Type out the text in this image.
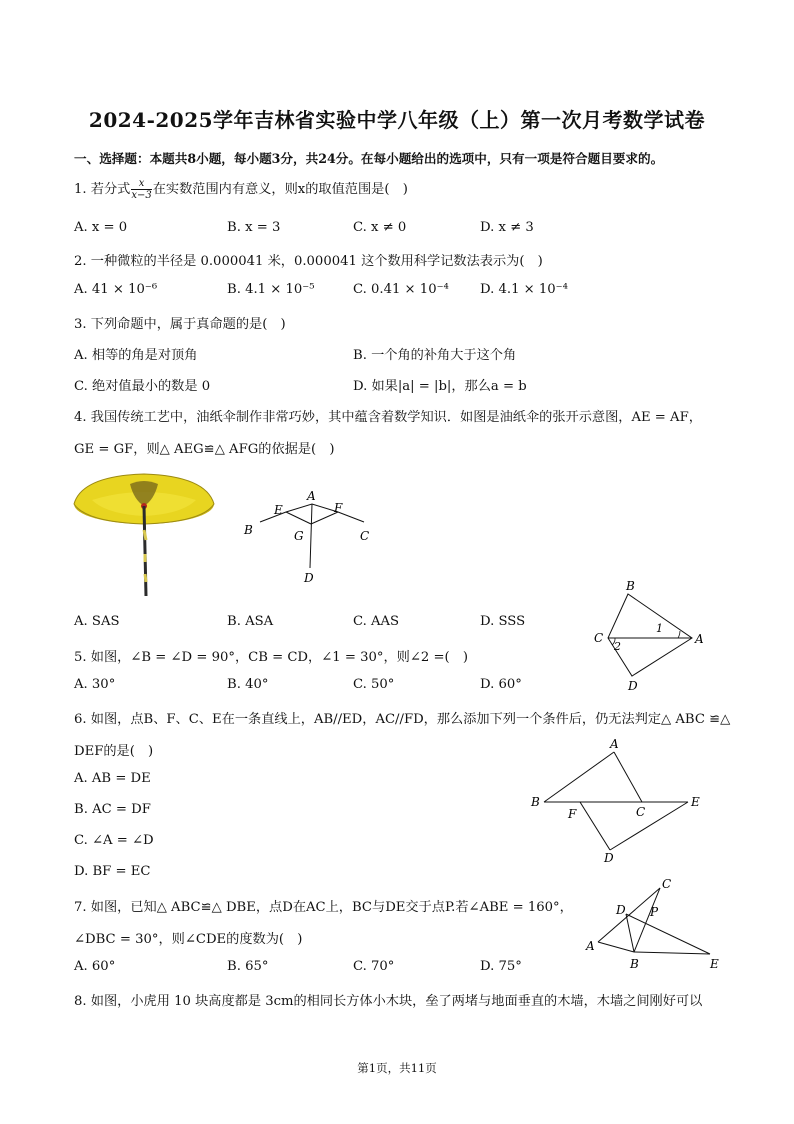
2024-2025学年吉林省实验中学八年级（上）第一次月考数学试卷
一、选择题：本题共8小题，每小题3分，共24分。在每小题给出的选项中，只有一项是符合题目要求的。
1. 若分式 $\frac{x}{x-3}$ 在实数范围内有意义，则x的取值范围是(　)
A. x = 0	B. x = 3	C. x ≠ 0	D. x ≠ 3
2. 一种微粒的半径是 0.000041 米，0.000041 这个数用科学记数法表示为(　)
A. 41 × 10⁻⁶	B. 4.1 × 10⁻⁵	C. 0.41 × 10⁻⁴ D. 4.1 × 10⁻⁴
3. 下列命题中，属于真命题的是(　)
A. 相等的角是对顶角	B. 一个角的补角大于这个角
C. 绝对值最小的数是 0	D. 如果|a| = |b|，那么a = b
4. 我国传统工艺中，油纸伞制作非常巧妙，其中蕴含着数学知识．如图是油纸伞的张开示意图，AE = AF，
GE = GF，则△ AEG≌△ AFG的依据是(　)
A
E	F
B	G	C
D
A. SAS	B. ASA	C. AAS	D. SSS
B
C
1
2
A
D
5. 如图，∠B = ∠D = 90°，CB = CD，∠1 = 30°，则∠2 =(　)
A. 30°	B. 40°	C. 50°	D. 60°
6. 如图，点B、F、C、E在一条直线上，AB//ED，AC//FD，那么添加下列一个条件后，仍无法判定△ ABC ≌△
DEF的是(　)
A. AB = DE
B. AC = DF
C. ∠A = ∠D
D. BF = EC
A
B
F	C
E
D
7. 如图，已知△ ABC≌△ DBE，点D在AC上，BC与DE交于点P.若∠ABE = 160°，
∠DBC = 30°，则∠CDE的度数为(　)
A. 60°	B. 65°	C. 70°	D. 75°
C
D P
A
B	E
8. 如图，小虎用 10 块高度都是 3cm的相同长方体小木块，垒了两堵与地面垂直的木墙，木墙之间刚好可以
第1页，共11页
